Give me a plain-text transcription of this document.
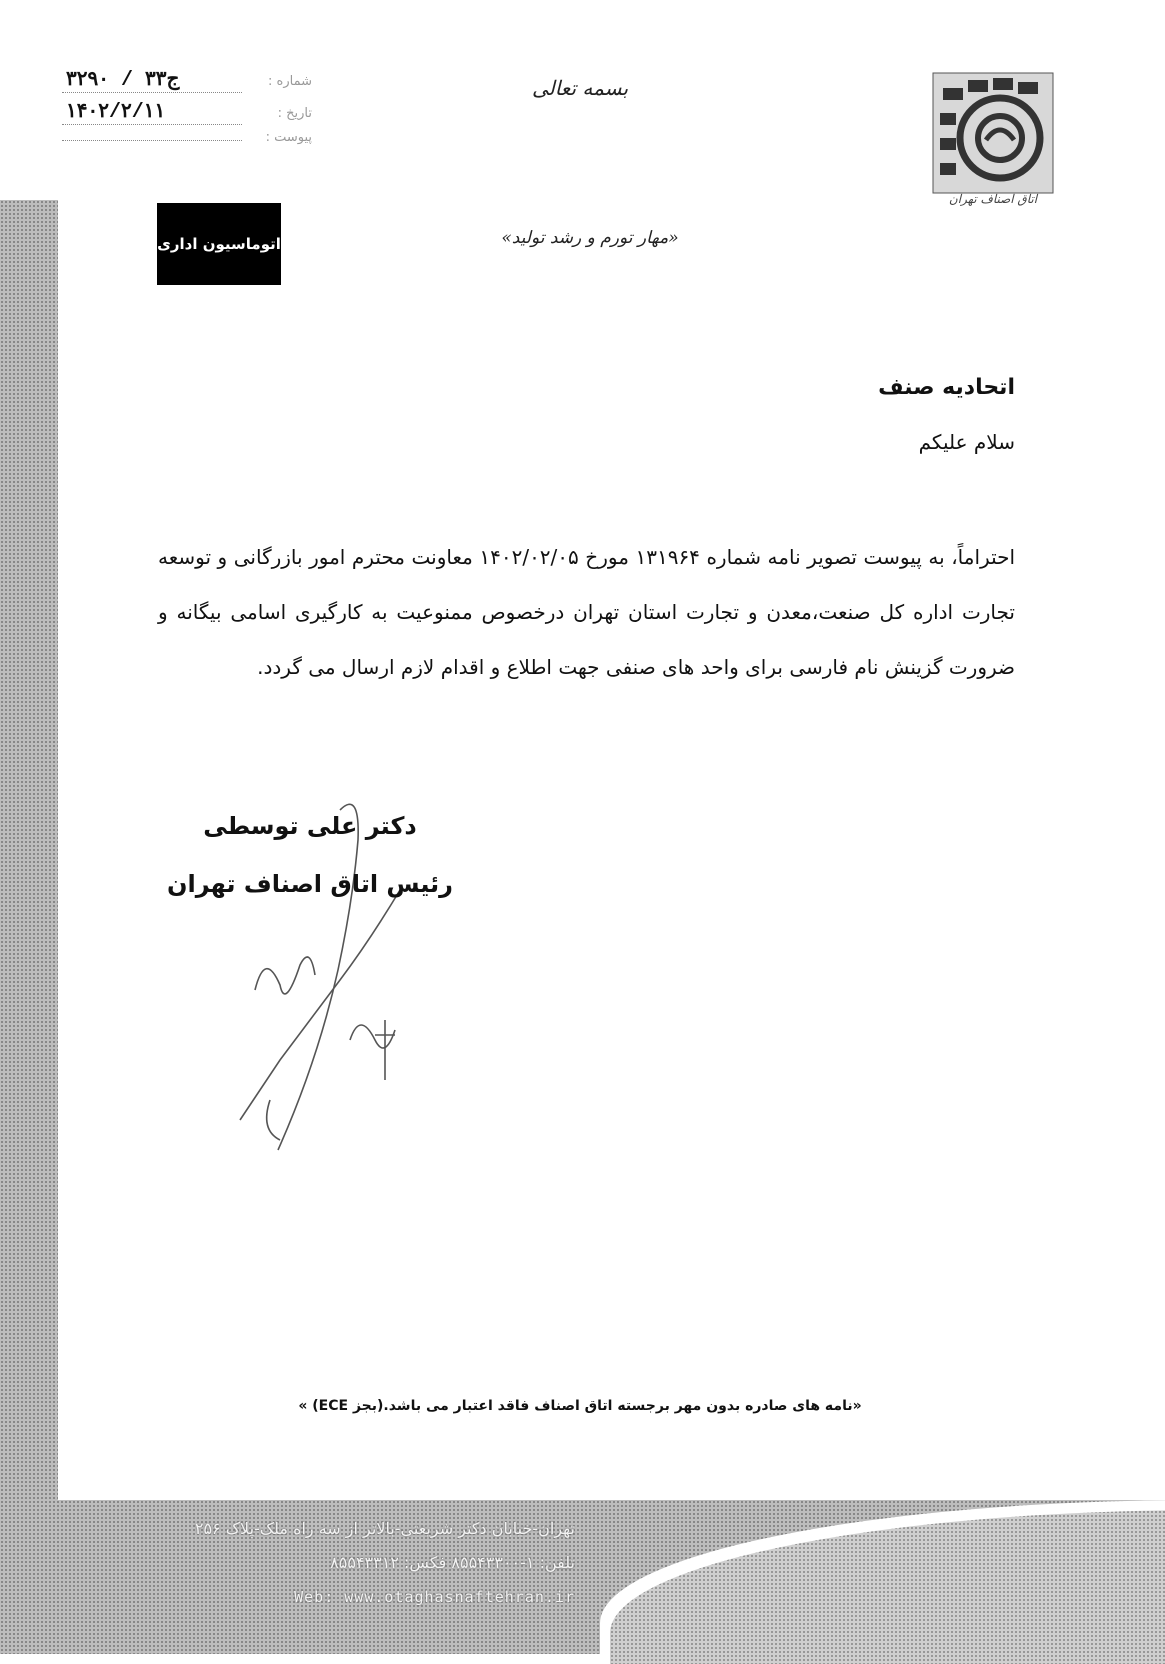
شماره :
۳۲۹۰ / ۳۳ج
تاریخ :
۱۴۰۲/۲/۱۱
پیوست :
بسمه تعالی
«مهار تورم و رشد تولید»
اتوماسیون اداری
اتاق اصناف تهران
اتحادیه صنف
سلام علیکم
احتراماً، به پیوست تصویر نامه شماره ۱۳۱۹۶۴ مورخ ۱۴۰۲/۰۲/۰۵ معاونت محترم امور بازرگانی و توسعه تجارت اداره کل صنعت،معدن و تجارت استان تهران درخصوص ممنوعیت به کارگیری اسامی بیگانه و ضرورت گزینش نام فارسی برای واحد های صنفی جهت اطلاع و اقدام لازم ارسال می گردد.
دکتر علی توسطی
رئیس اتاق اصناف تهران
«نامه های صادره بدون مهر برجسته اتاق اصناف فاقد اعتبار می باشد.(بجز ECE) »
تهران-خیابان دکتر شریعتی-بالاتر از سه راه ملک-پلاک ۲۵۶
تلفن: ۱-۸۵۵۴۳۳۰۰ فکس: ۸۵۵۴۳۳۱۲
Web: www.otaghasnaftehran.ir
